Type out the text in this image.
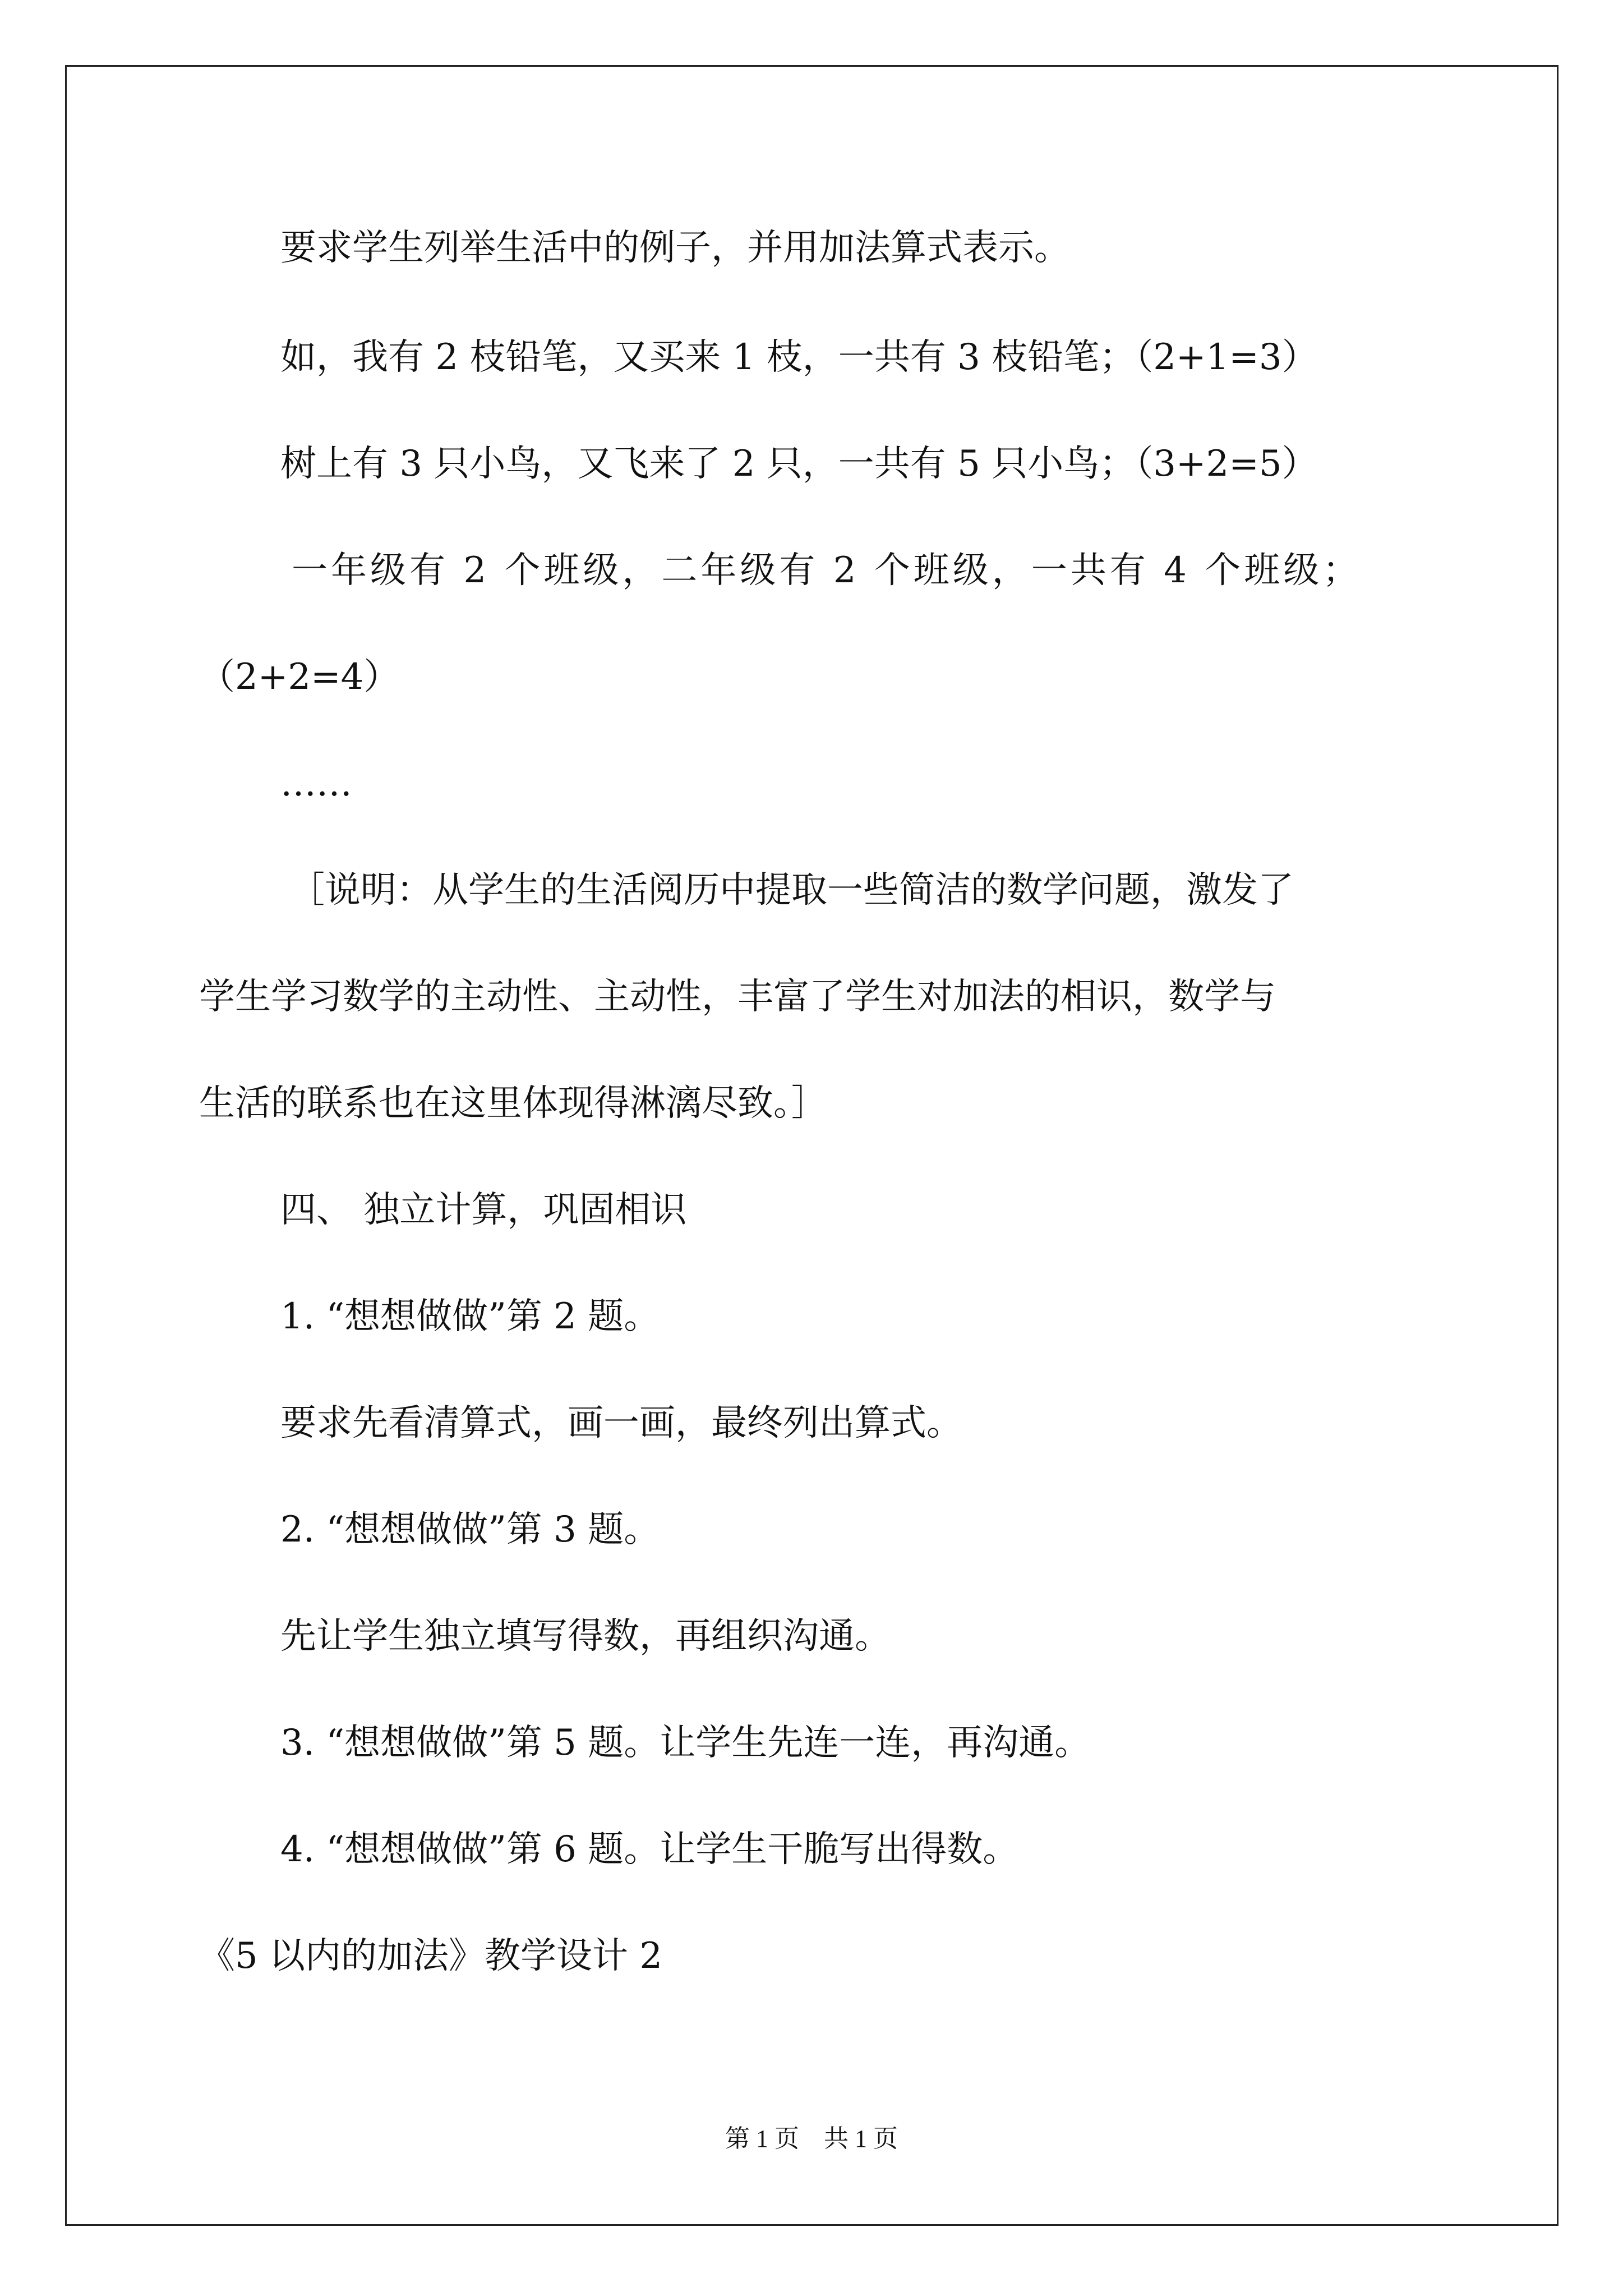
要求学生列举生活中的例子，并用加法算式表示。
如，我有 2 枝铅笔，又买来 1 枝，一共有 3 枝铅笔；（2+1=3）
树上有 3 只小鸟，又飞来了 2 只，一共有 5 只小鸟；（3+2=5）
一年级有 2 个班级，二年级有 2 个班级，一共有 4 个班级；
（2+2=4）
……
［说明：从学生的生活阅历中提取一些简洁的数学问题，激发了
学生学习数学的主动性、主动性，丰富了学生对加法的相识，数学与
生活的联系也在这里体现得淋漓尽致。］
四、 独立计算，巩固相识
1. “想想做做”第 2 题。
要求先看清算式，画一画，最终列出算式。
2. “想想做做”第 3 题。
先让学生独立填写得数，再组织沟通。
3. “想想做做”第 5 题。让学生先连一连，再沟通。
4. “想想做做”第 6 题。让学生干脆写出得数。
《5 以内的加法》教学设计 2
第 1 页　共 1 页
